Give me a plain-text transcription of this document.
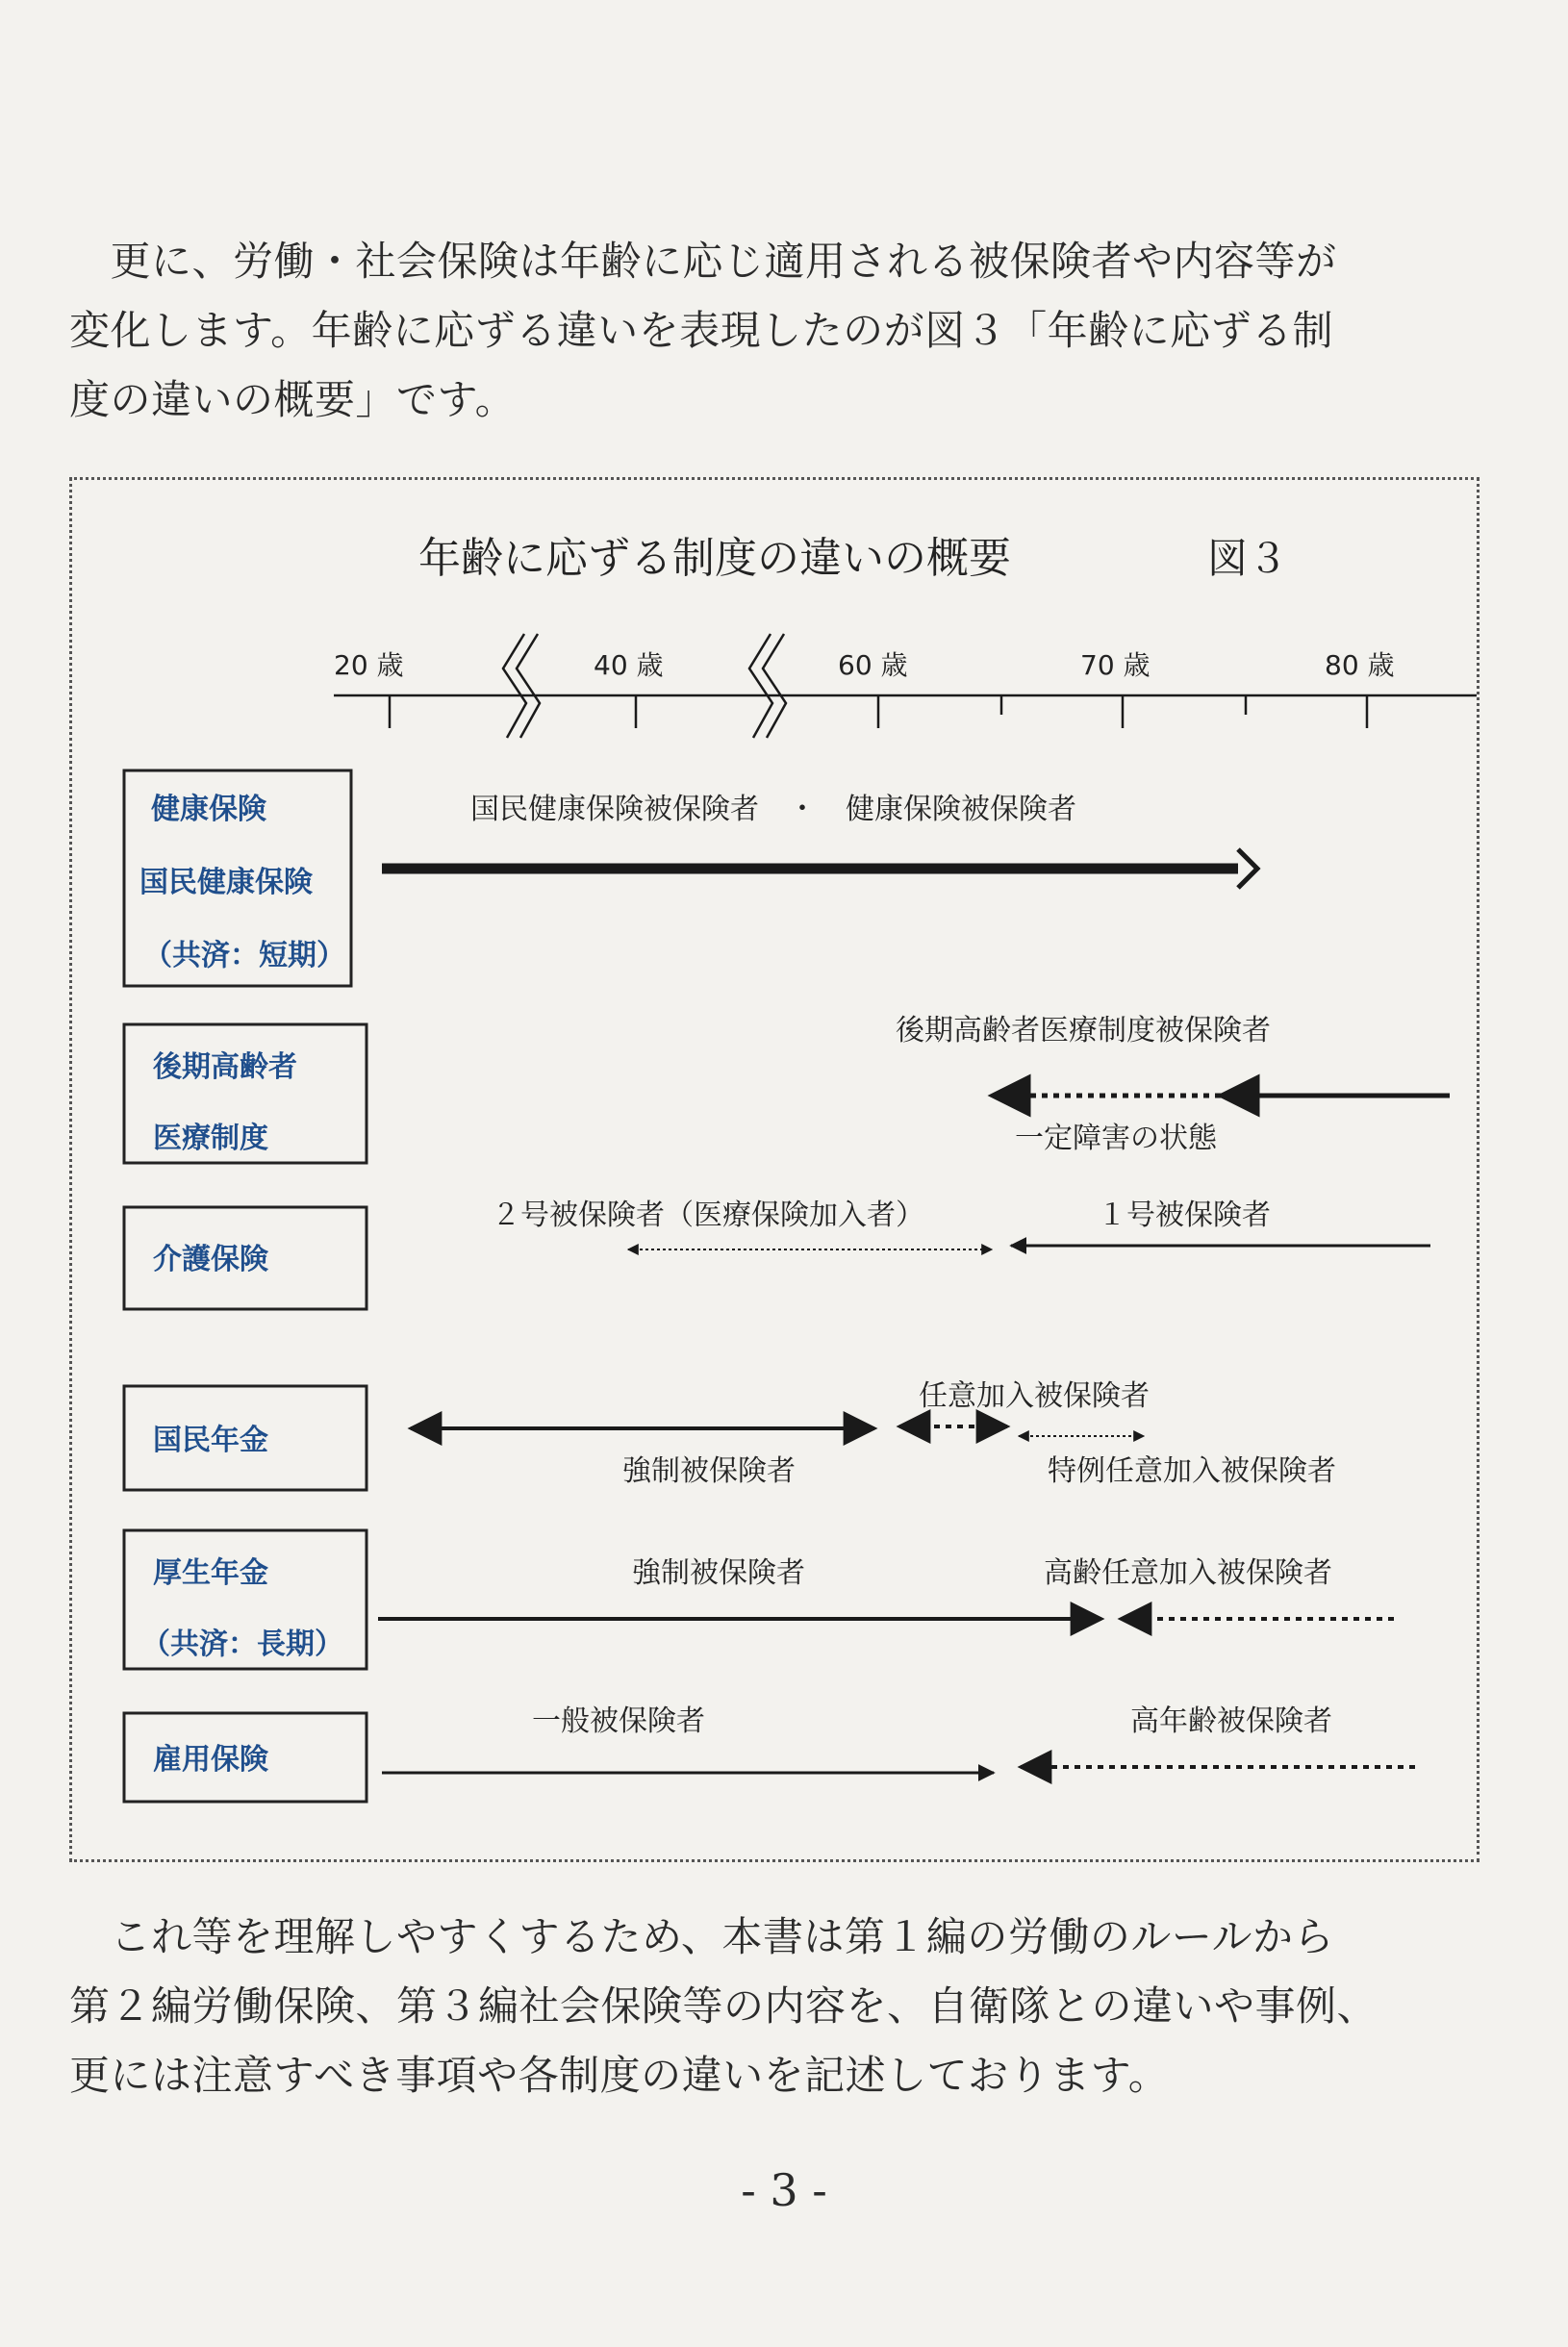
　更に、労働・社会保険は年齢に応じ適用される被保険者や内容等が
変化します。年齢に応ずる違いを表現したのが図３「年齢に応ずる制
度の違いの概要」です。
年齢に応ずる制度の違いの概要	図３
20 歳	40 歳	60 歳	70 歳	80 歳
健康保険
国民健康保険
（共済：短期）
後期高齢者
医療制度
介護保険
国民年金
厚生年金
（共済：長期）
雇用保険
国民健康保険被保険者　・　健康保険被保険者
後期高齢者医療制度被保険者
一定障害の状態
２号被保険者（医療保険加入者）	１号被保険者
任意加入被保険者
強制被保険者	特例任意加入被保険者
強制被保険者	高齢任意加入被保険者
一般被保険者	高年齢被保険者
　これ等を理解しやすくするため、本書は第１編の労働のルールから
第２編労働保険、第３編社会保険等の内容を、自衛隊との違いや事例、
更には注意すべき事項や各制度の違いを記述しております。
- 3 -
